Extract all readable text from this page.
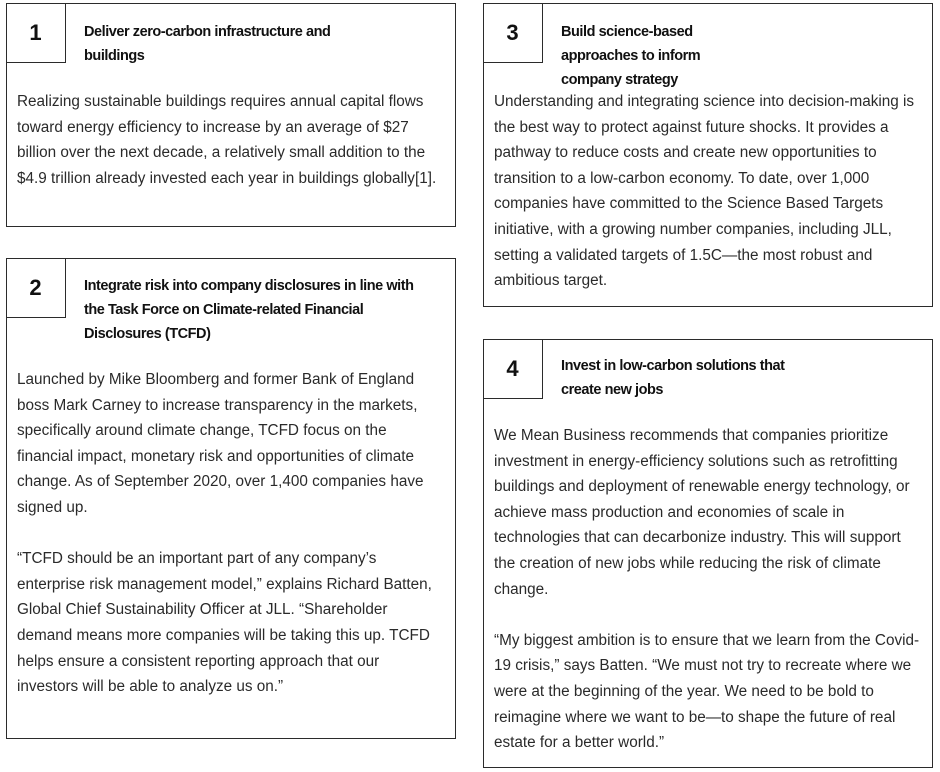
1	Deliver zero-carbon infrastructure and buildings

Realizing sustainable buildings requires annual capital flows toward energy efficiency to increase by an average of $27 billion over the next decade, a relatively small addition to the $4.9 trillion already invested each year in buildings globally[1].

2	Integrate risk into company disclosures in line with the Task Force on Climate-related Financial Disclosures (TCFD)

Launched by Mike Bloomberg and former Bank of England boss Mark Carney to increase transparency in the markets, specifically around climate change, TCFD focus on the financial impact, monetary risk and opportunities of climate change. As of September 2020, over 1,400 companies have signed up.

“TCFD should be an important part of any company’s enterprise risk management model,” explains Richard Batten, Global Chief Sustainability Officer at JLL. “Shareholder demand means more companies will be taking this up. TCFD helps ensure a consistent reporting approach that our investors will be able to analyze us on.”

3	Build science-based approaches to inform company strategy

Understanding and integrating science into decision-making is the best way to protect against future shocks. It provides a pathway to reduce costs and create new opportunities to transition to a low-carbon economy. To date, over 1,000 companies have committed to the Science Based Targets initiative, with a growing number companies, including JLL, setting a validated targets of 1.5C—the most robust and ambitious target.

4	Invest in low-carbon solutions that create new jobs

We Mean Business recommends that companies prioritize investment in energy-efficiency solutions such as retrofitting buildings and deployment of renewable energy technology, or achieve mass production and economies of scale in technologies that can decarbonize industry. This will support the creation of new jobs while reducing the risk of climate change.

“My biggest ambition is to ensure that we learn from the Covid-19 crisis,” says Batten. “We must not try to recreate where we were at the beginning of the year. We need to be bold to reimagine where we want to be—to shape the future of real estate for a better world.”
